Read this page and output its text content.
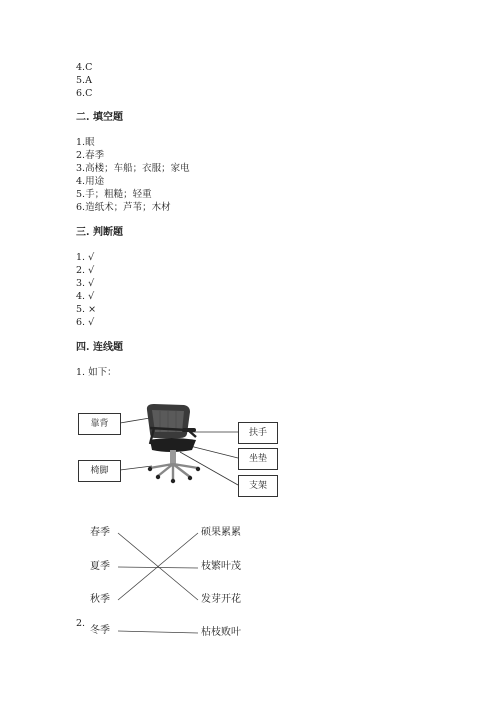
4.C
5.A
6.C
二. 填空题
1.眼
2.春季
3.高楼；车船；衣服；家电
4.用途
5.手；粗糙；轻重
6.造纸术；芦苇；木材
三. 判断题
1. √
2. √
3. √
4. √
5. ×
6. √
四. 连线题
1. 如下：
靠背
椅脚
扶手
坐垫
支架
春季
夏季
秋季
冬季
硕果累累
枝繁叶茂
发芽开花
枯枝败叶
2.
